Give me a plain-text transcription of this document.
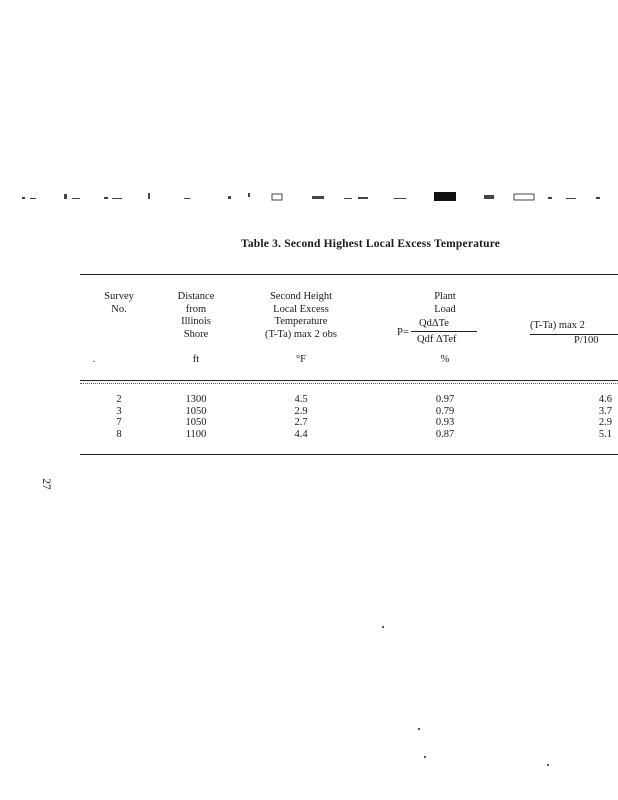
Table 3. Second Highest Local Excess Temperature
Survey
No.
Distance
from
Illinois
Shore
Second Height
Local Excess
Temperature
(T-Ta) max 2 obs
Plant
Load
P=
QdΔTe
Qdf ΔTef
(T-Ta) max 2
P/100
.	ft	°F	%
2	1300	4.5	0.97	4.6
3	1050	2.9	0.79	3.7
7	1050	2.7	0.93	2.9
8	1100	4.4	0.87	5.1
27
